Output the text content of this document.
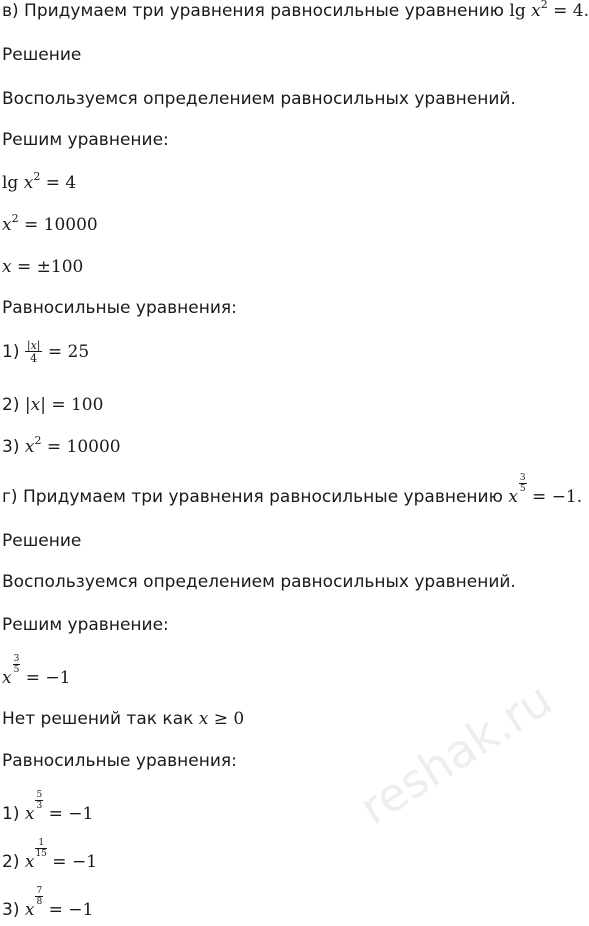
в) Придумаем три уравнения равносильные уравнению $\lg x^2 = 4$.
Решение
Воспользуемся определением равносильных уравнений.
Решим уравнение:
$\lg x^2 = 4$
$x^2 = 10000$
x = ±100
Равносильные уравнения:
$1) \frac{|x|}{4} = 25$
2) |x| = 100
3) $x^2 = 10000$
г) Придумаем три уравнения равносильные уравнению x
$\frac{3}{5}$
= −1.
Решение
Воспользуемся определением равносильных уравнений.
Решим уравнение:
x
$\frac{3}{5}$
= −1
Нет решений так как x ≥ 0
Равносильные уравнения:
1) x
$\frac{5}{3}$
= −1
2) x
$\frac{1}{15}$
= −1
3) x
$\frac{7}{8}$
= −1
reshak.ru
